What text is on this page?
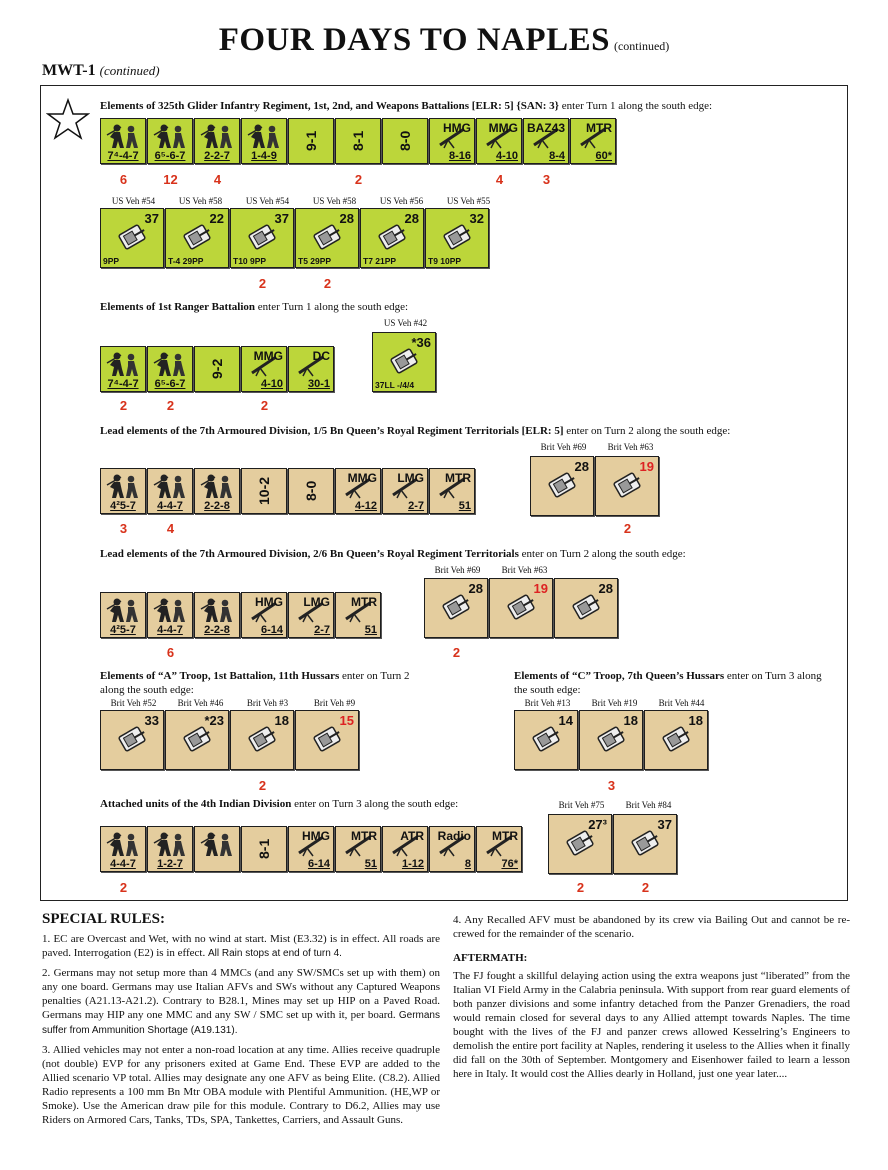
FOUR DAYS TO NAPLES (continued)
MWT-1 (continued)
Elements of 325th Glider Infantry Regiment, 1st, 2nd, and Weapons Battalions [ELR: 5] {SAN: 3} enter Turn 1 along the south edge:
7⁴-4-7	6⁵-6-7	2-2-7	1-4-9
9-1	8-1	8-0
HMG
8-16
MMG
4-10
BAZ43
8-4
MTR
60*
6	12	4	2	4	3
US Veh #54	US Veh #58	US Veh #54	US Veh #58	US Veh #56	US Veh #55
37
9PP
22
T-4 29PP
37
T10 9PP
28
T5 29PP
28
T7 21PP
32
T9 10PP
2	2
Elements of 1st Ranger Battalion enter Turn 1 along the south edge:
US Veh #42
7⁴-4-7	6⁵-6-7
9-2
MMG
4-10
DC
30-1
2	2	2
*36
37LL -/4/4
Lead elements of the 7th Armoured Division, 1/5 Bn Queen’s Royal Regiment Territorials [ELR: 5] enter on Turn 2 along the south edge:
Brit Veh #69	Brit Veh #63
4²5-7	4-4-7	2-2-8
10-2	8-0
MMG
4-12
LMG
2-7
MTR
51
28	19
3	4	2
Lead elements of the 7th Armoured Division, 2/6 Bn Queen’s Royal Regiment Territorials enter on Turn 2 along the south edge:
Brit Veh #69	Brit Veh #63
4²5-7	4-4-7	2-2-8
HMG
6-14
LMG
2-7
MTR
51
28	19	28
6	2
Elements of “A” Troop, 1st Battalion, 11th Hussars enter on Turn 2 along the south edge:
Brit Veh #52	Brit Veh #46	Brit Veh #3	Brit Veh #9
33	*23	18	15
2
Elements of “C” Troop, 7th Queen’s Hussars enter on Turn 3 along the south edge:
Brit Veh #13	Brit Veh #19	Brit Veh #44
14	18	18
3
Attached units of the 4th Indian Division enter on Turn 3 along the south edge:	Brit Veh #75	Brit Veh #84
4-4-7	1-2-7
8-1
HMG
6-14
MTR
51
ATR
1-12
Radio
8
MTR
76*
27³	37
2	2	2
SPECIAL RULES:

1. EC are Overcast and Wet, with no wind at start. Mist (E3.32) is in effect. All roads are paved. Interrogation (E2) is in effect. All Rain stops at end of turn 4.

2. Germans may not setup more than 4 MMCs (and any SW/SMCs set up with them) on any one board. Germans may use Italian AFVs and SWs without any Captured Weapons penalties (A21.13-A21.2). Contrary to B28.1, Mines may set up HIP on a Paved Road. Germans may HIP any one MMC and any SW / SMC set up with it, per board. Germans suffer from Ammunition Shortage (A19.131).

3. Allied vehicles may not enter a non-road location at any time. Allies receive quadruple (not double) EVP for any prisoners exited at Game End. These EVP are added to the Allied scenario VP total. Allies may designate any one AFV as being Elite. (C8.2). Allied Radio represents a 100 mm Bn Mtr OBA module with Plentiful Ammunition. (HE,WP or Smoke). Use the American draw pile for this module. Contrary to D6.2, Allies may use Riders on Armored Cars, Tanks, TDs, SPA, Tankettes, Carriers, and Assault Guns.

4. Any Recalled AFV must be abandoned by its crew via Bailing Out and cannot be re-crewed for the remainder of the scenario.

AFTERMATH:

The FJ fought a skillful delaying action using the extra weapons just “liberated” from the Italian VI Field Army in the Calabria peninsula. With support from rear guard elements of both panzer divisions and some infantry detached from the Panzer Grenadiers, the road would remain closed for several days to any Allied attempt towards Naples. The time bought with the lives of the FJ and panzer crews allowed Kesselring’s Engineers to demolish the entire port facility at Naples, rendering it useless to the Allies when it finally did fall on the 30th of September. Montgomery and Eisenhower failed to learn a lesson here in Italy. It would cost the Allies dearly in Holland, just one year later....
